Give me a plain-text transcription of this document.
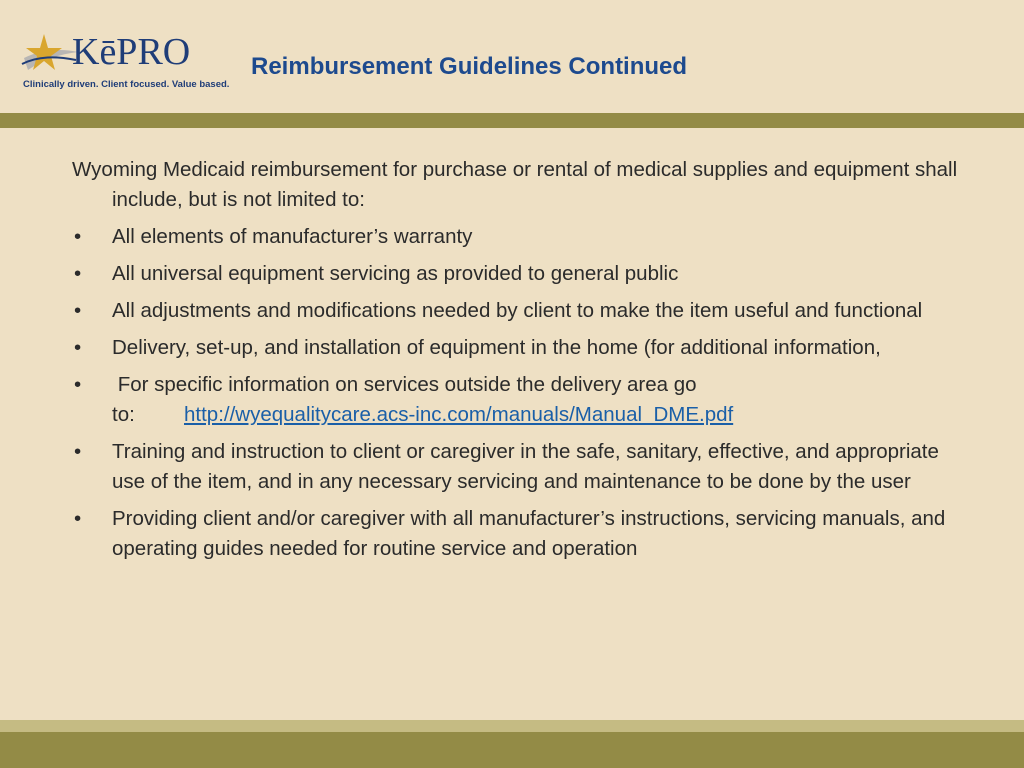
KēPRO
Clinically driven. Client focused. Value based.
Reimbursement Guidelines Continued

Wyoming Medicaid reimbursement for purchase or rental of medical supplies and equipment shall include, but is not limited to:

• All elements of manufacturer’s warranty
• All universal equipment servicing as provided to general public
• All adjustments and modifications needed by client to make the item useful and functional
• Delivery, set-up, and installation of equipment in the home (for additional information,
• For specific information on services outside the delivery area go
to: http://wyequalitycare.acs-inc.com/manuals/Manual_DME.pdf
• Training and instruction to client or caregiver in the safe, sanitary, effective, and appropriate use of the item, and in any necessary servicing and maintenance to be done by the user
• Providing client and/or caregiver with all manufacturer’s instructions, servicing manuals, and operating guides needed for routine service and operation
